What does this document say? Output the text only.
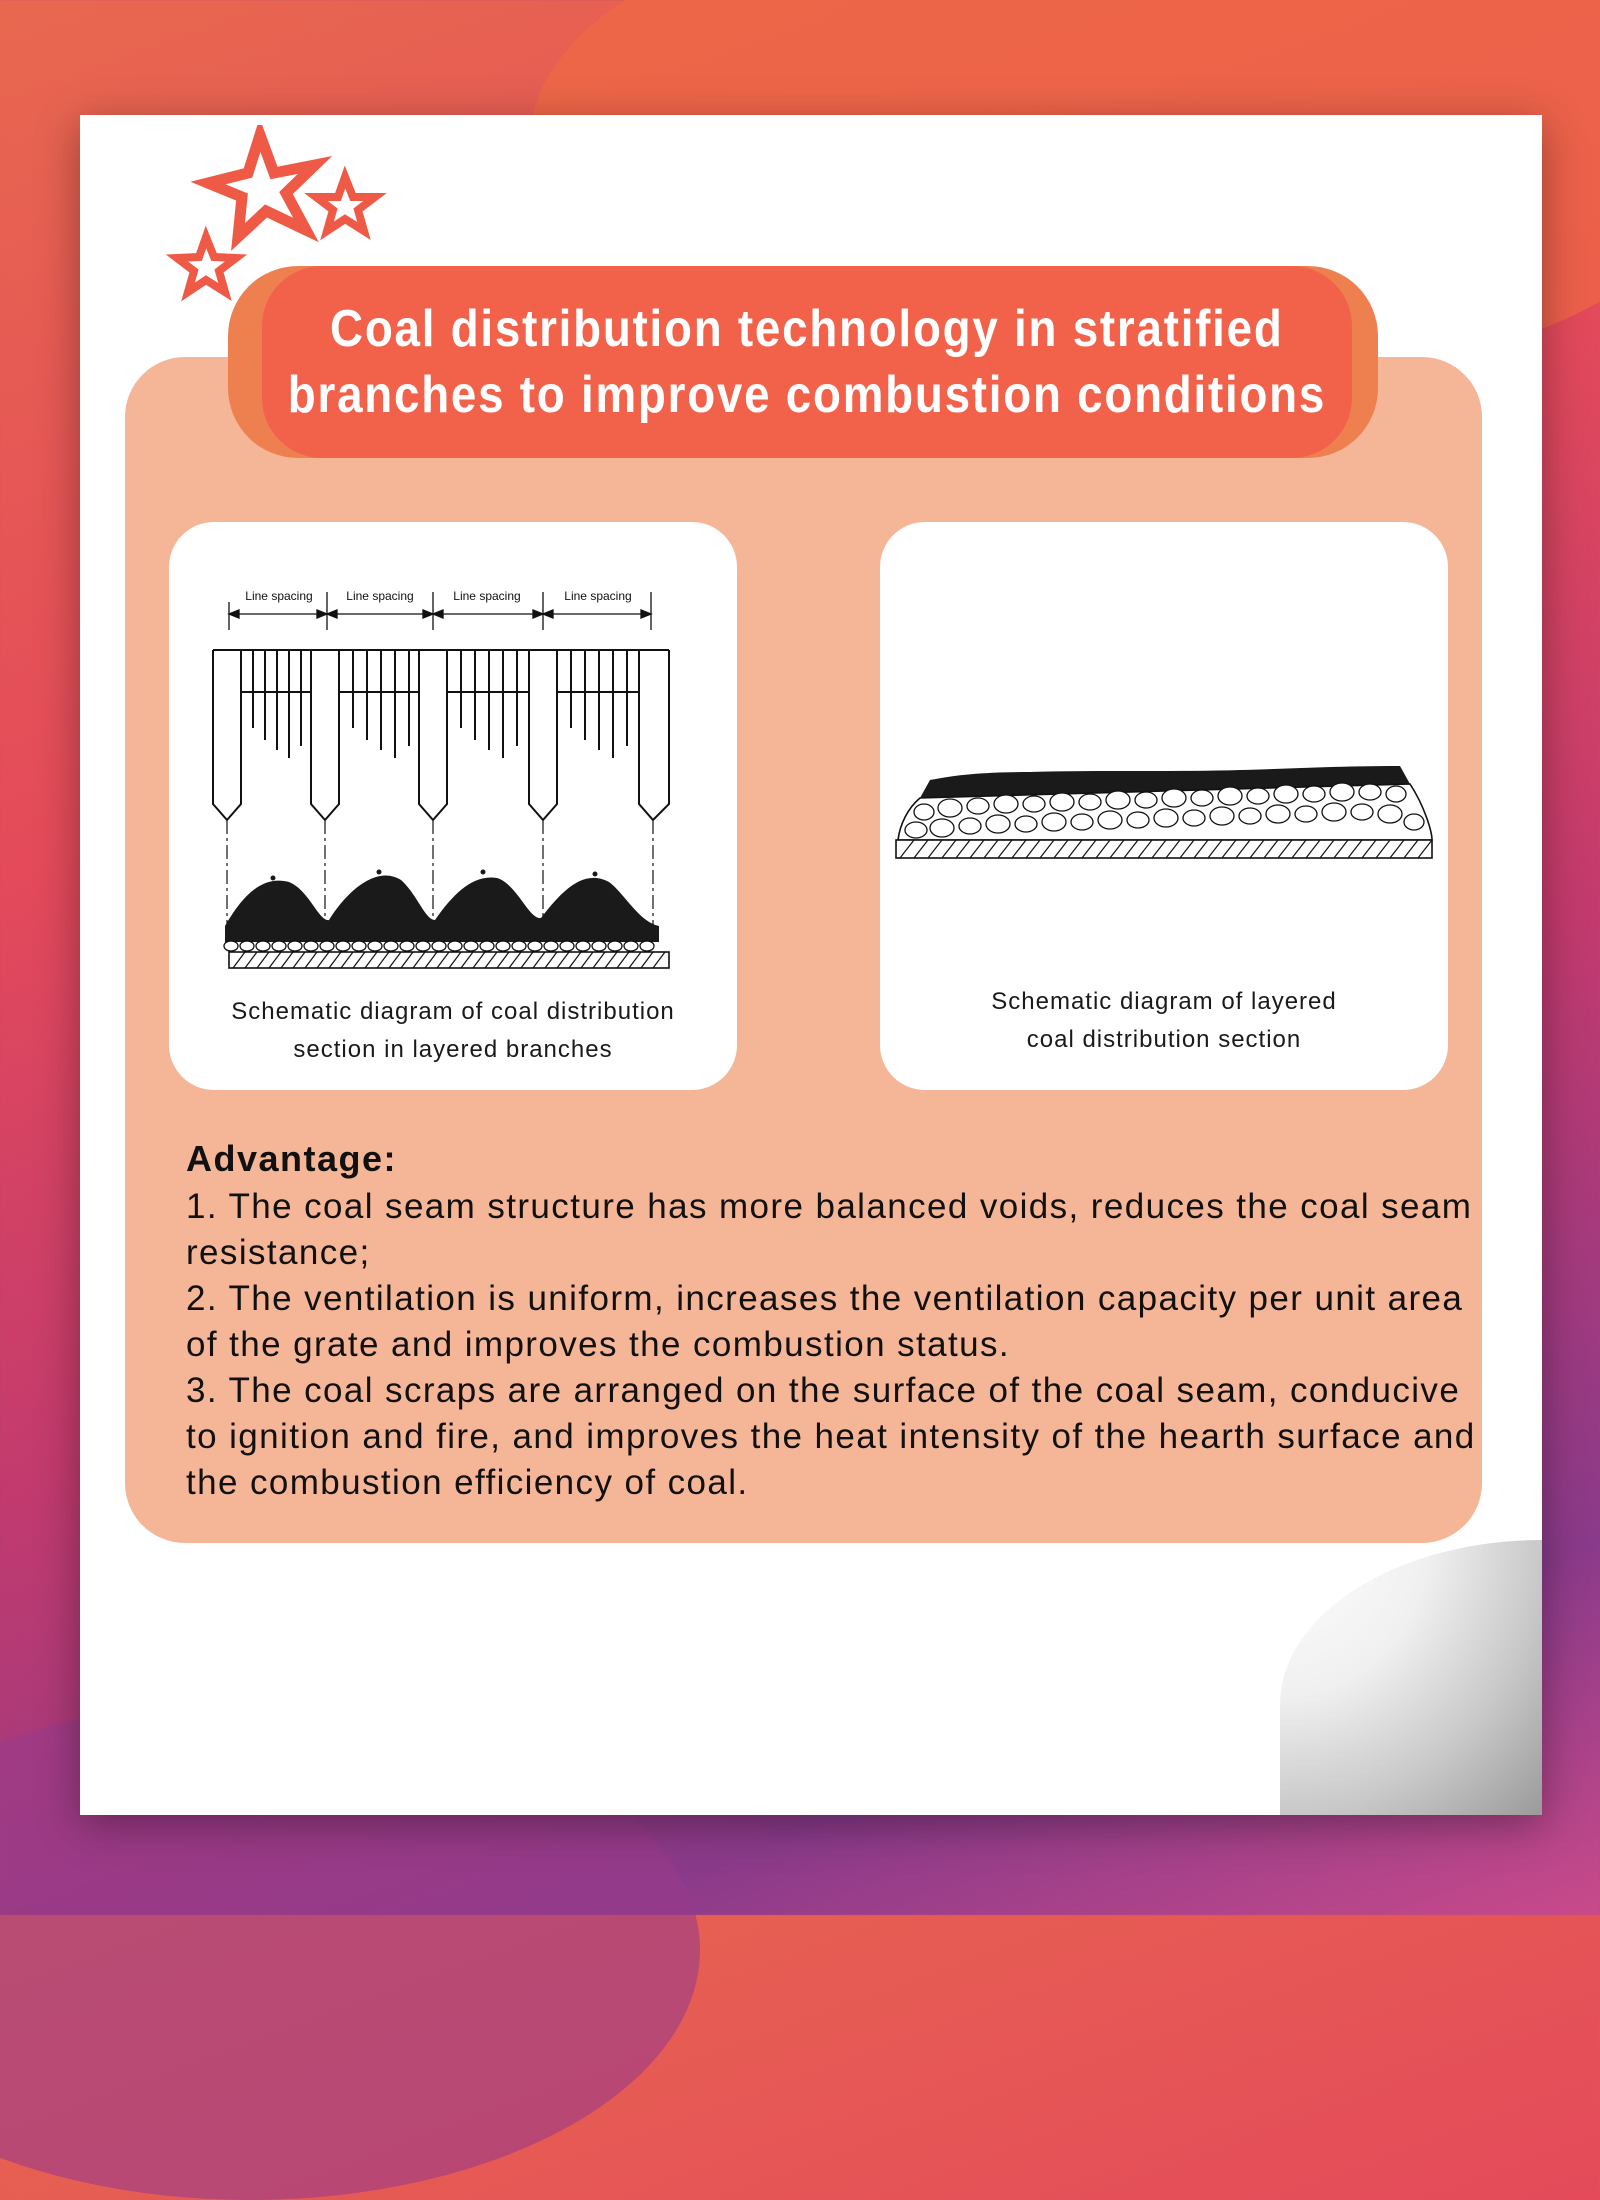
Coal distribution technology in stratified
branches to improve combustion conditions
Line spacing	Line spacing	Line spacing	Line spacing
Schematic diagram of coal distribution
section in layered branches
Schematic diagram of layered
coal distribution section
Advantage:
1. The coal seam structure has more balanced voids, reduces the coal seam resistance;
2. The ventilation is uniform, increases the ventilation capacity per unit area of the grate and improves the combustion status.
3. The coal scraps are arranged on the surface of the coal seam, conducive to ignition and fire, and improves the heat intensity of the hearth surface and the combustion efficiency of coal.
